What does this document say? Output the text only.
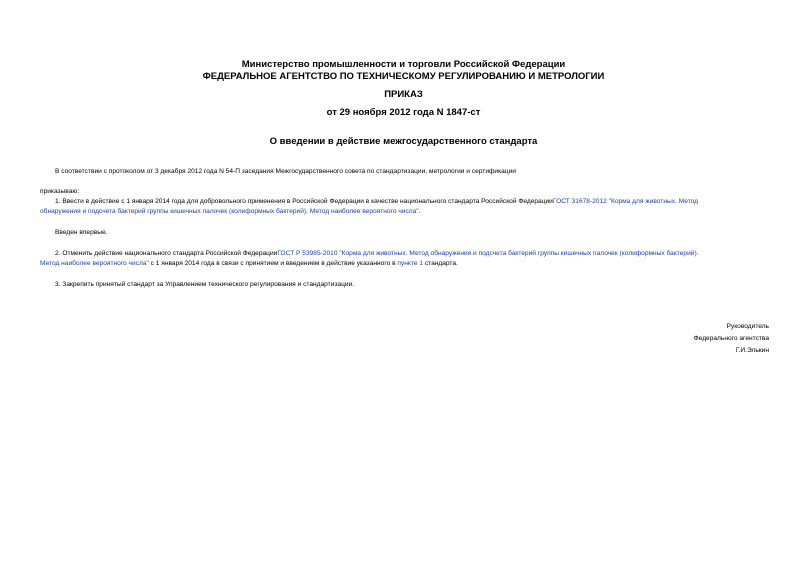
Министерство промышленности и торговли Российской Федерации
ФЕДЕРАЛЬНОЕ АГЕНТСТВО ПО ТЕХНИЧЕСКОМУ РЕГУЛИРОВАНИЮ И МЕТРОЛОГИИ
ПРИКАЗ
от 29 ноября 2012 года N 1847-ст
О введении в действие межгосударственного стандарта
В соответствии с протоколом от 3 декабря 2012 года N 54-П заседания Межгосударственного совета по стандартизации, метрологии и сертификации
приказываю:
1. Ввести в действие с 1 января 2014 года для добровольного применения в Российской Федерации в качестве национального стандарта Российской ФедерацииГОСТ 31678-2012 "Корма для животных. Метод
обнаружения и подсчета бактерий группы кишечных палочек (колиформных бактерий). Метод наиболее вероятного числа".
Введен впервые.
2. Отменить действие национального стандарта Российской ФедерацииГОСТ Р 53985-2010 "Корма для животных. Метод обнаружения и подсчета бактерий группы кишечных палочек (колиформных бактерий).
Метод наиболее вероятного числа" с 1 января 2014 года в связи с принятием и введением в действие указанного в пункте 1 стандарта.
3. Закрепить принятый стандарт за Управлением технического регулирования и стандартизации.
Руководитель
Федерального агентства
Г.И.Элькин
